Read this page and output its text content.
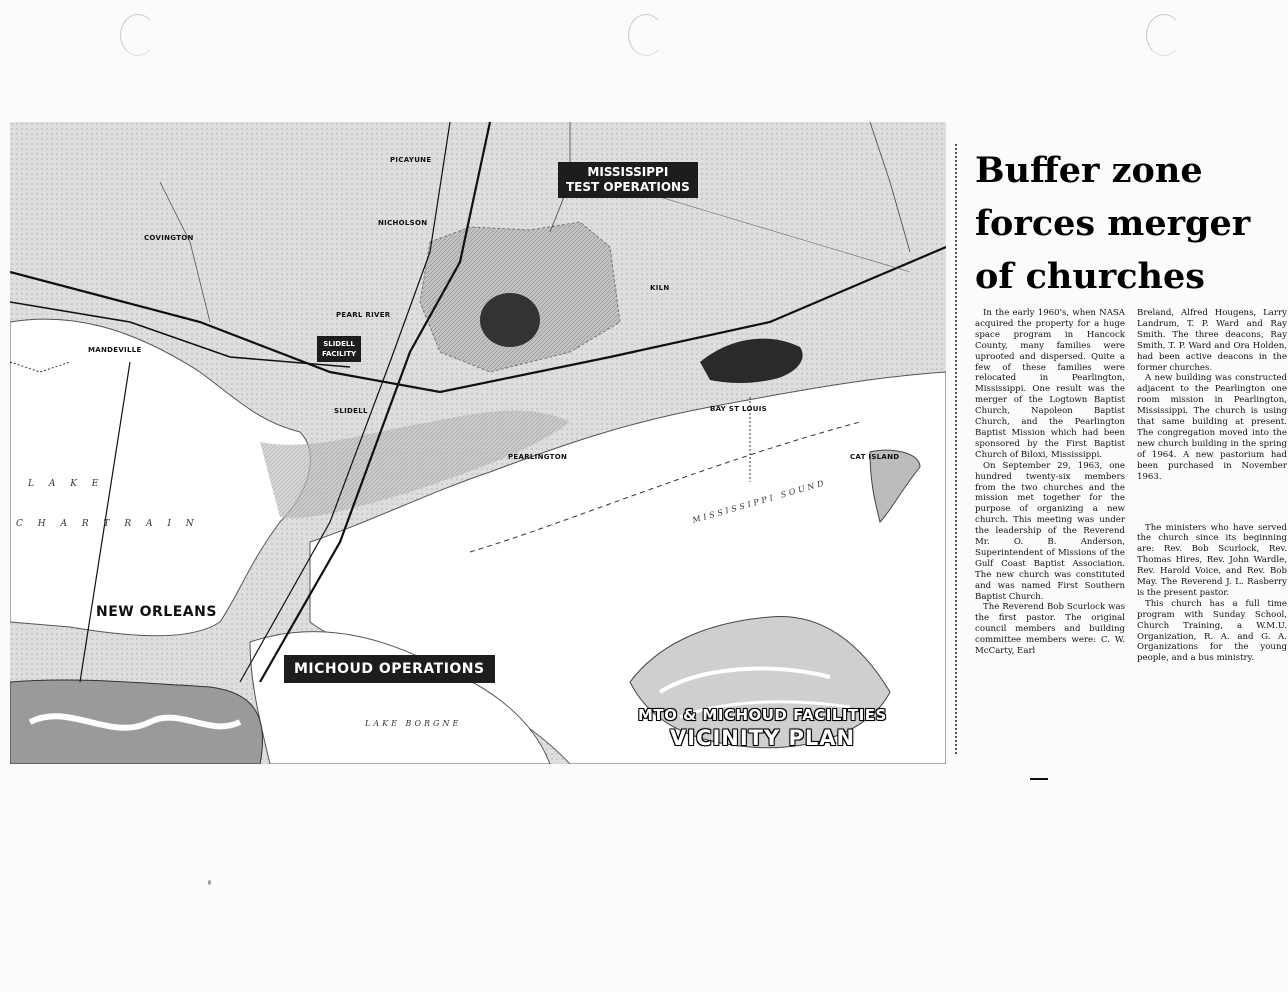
PICAYUNE
COVINGTON
NICHOLSON
PEARL RIVER
KILN
MANDEVILLE
SLIDELL	BAY ST LOUIS
PEARLINGTON	CAT ISLAND
L A K E
C H A R T R A I N	MISSISSIPPI SOUND
LAKE BORGNE
NEW ORLEANS
MISSISSIPPI
TEST OPERATIONS
SLIDELL
FACILITY
MICHOUD OPERATIONS
MTO & MICHOUD FACILITIES
VICINITY PLAN
Buffer zone forces merger of churches

In the early 1960's, when NASA acquired the property for a huge space program in Hancock County, many families were uprooted and dispersed. Quite a few of these families were relocated in Pearlington, Mississippi. One result was the merger of the Logtown Baptist Church, Napoleon Baptist Church, and the Pearlington Baptist Mission which had been sponsored by the First Baptist Church of Biloxi, Mississippi.

On September 29, 1963, one hundred twenty-six members from the two churches and the mission met together for the purpose of organizing a new church. This meeting was under the leadership of the Reverend Mr. O. B. Anderson, Superintendent of Missions of the Gulf Coast Baptist Association. The new church was constituted and was named First Southern Baptist Church.

The Reverend Bob Scurlock was the first pastor. The original council members and building committee members were: C. W. McCarty, Earl

Breland, Alfred Hougens, Larry Landrum, T. P. Ward and Ray Smith. The three deacons, Ray Smith, T. P. Ward and Ora Holden, had been active deacons in the former churches.

A new building was constructed adjacent to the Pearlington one room mission in Pearlington, Mississippi. The church is using that same building at present. The congregation moved into the new church building in the spring of 1964. A new pastorium had been purchased in November 1963.

The ministers who have served the church since its beginning are: Rev. Bob Scurlock, Rev. Thomas Hires, Rev. John Wardle, Rev. Harold Voice, and Rev. Bob May. The Reverend J. L. Rasberry is the present pastor.

This church has a full time program with Sunday School, Church Training, a W.M.U. Organization, R. A. and G. A. Organizations for the young people, and a bus ministry.
